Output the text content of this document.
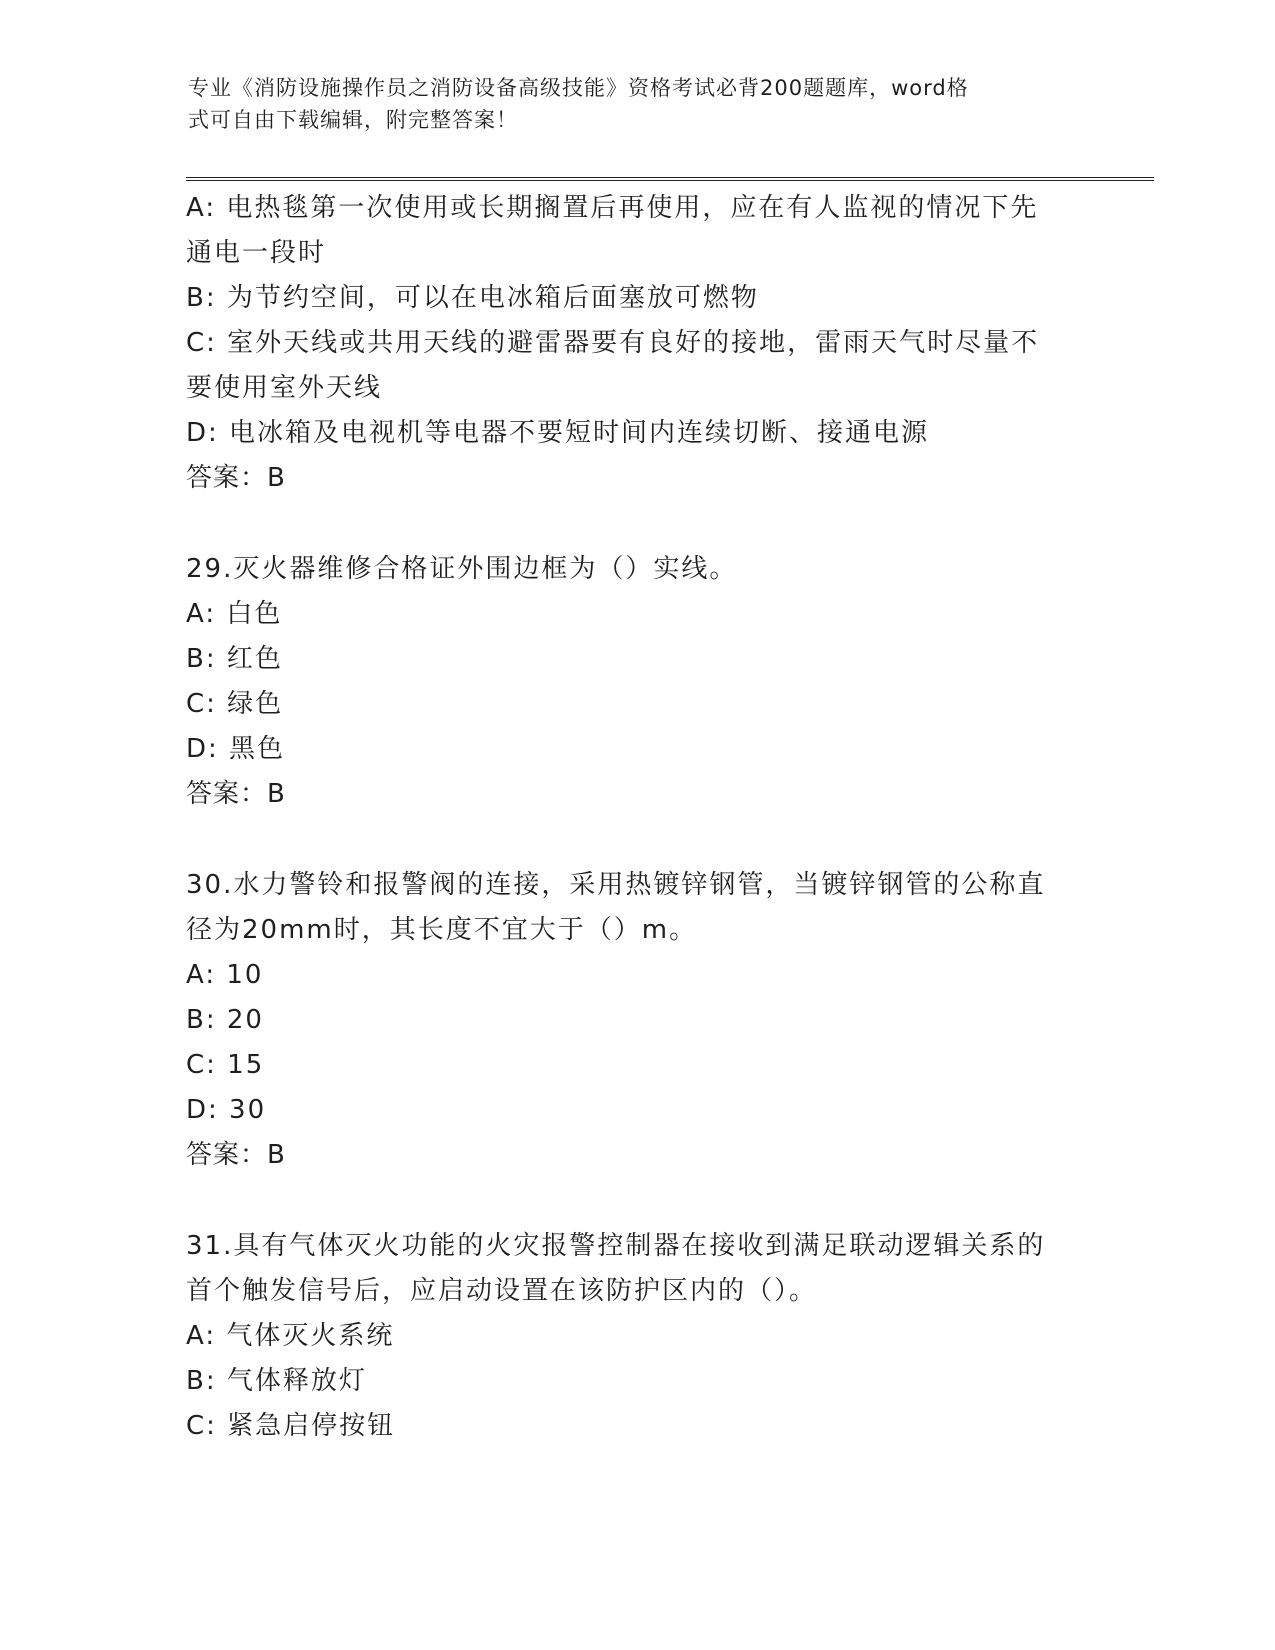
专业《消防设施操作员之消防设备高级技能》资格考试必背200题题库，word格
式可自由下载编辑，附完整答案！
A: 电热毯第一次使用或长期搁置后再使用，应在有人监视的情况下先
通电一段时
B: 为节约空间，可以在电冰箱后面塞放可燃物
C: 室外天线或共用天线的避雷器要有良好的接地，雷雨天气时尽量不
要使用室外天线
D: 电冰箱及电视机等电器不要短时间内连续切断、接通电源
答案：B
29.灭火器维修合格证外围边框为（）实线。
A: 白色
B: 红色
C: 绿色
D: 黑色
答案：B
30.水力警铃和报警阀的连接，采用热镀锌钢管，当镀锌钢管的公称直
径为20mm时，其长度不宜大于（）m。
A: 10
B: 20
C: 15
D: 30
答案：B
31.具有气体灭火功能的火灾报警控制器在接收到满足联动逻辑关系的
首个触发信号后，应启动设置在该防护区内的（）。
A: 气体灭火系统
B: 气体释放灯
C: 紧急启停按钮
